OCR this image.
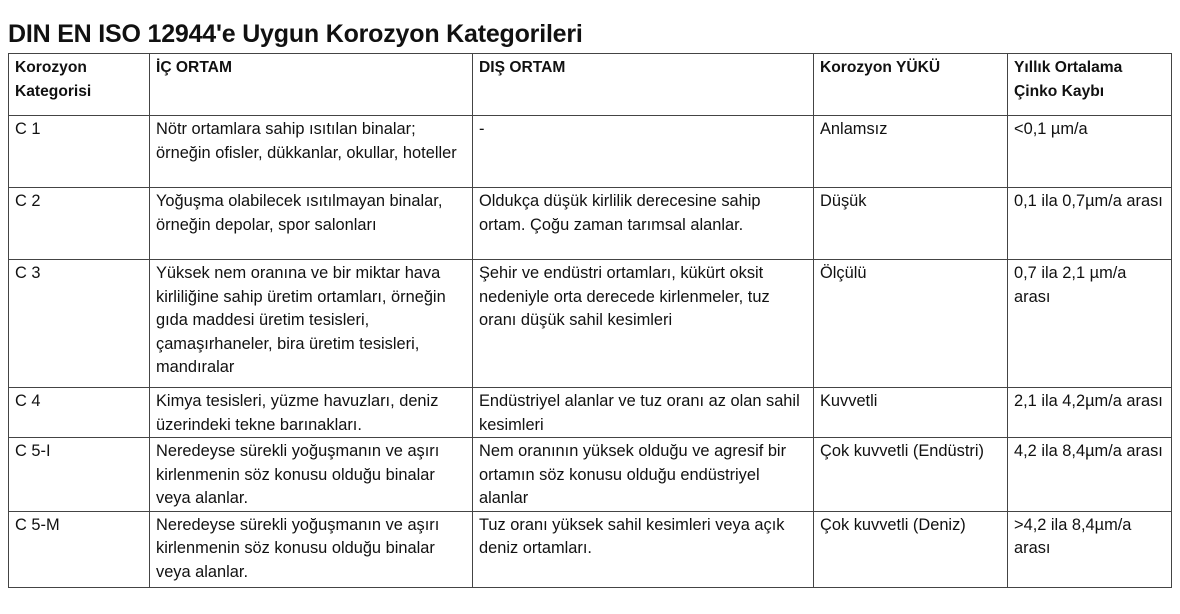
DIN EN ISO 12944'e Uygun Korozyon Kategorileri
Korozyon Kategorisi	İÇ ORTAM	DIŞ ORTAM	Korozyon YÜKÜ	Yıllık Ortalama Çinko Kaybı
C 1	Nötr ortamlara sahip ısıtılan binalar; örneğin ofisler, dükkanlar, okullar, hoteller	-	Anlamsız	<0,1 µm/a
C 2	Yoğuşma olabilecek ısıtılmayan binalar, örneğin depolar, spor salonları	Oldukça düşük kirlilik derecesine sahip ortam. Çoğu zaman tarımsal alanlar.	Düşük	0,1 ila 0,7µm/a arası
C 3	Yüksek nem oranına ve bir miktar hava kirliliğine sahip üretim ortamları, örneğin gıda maddesi üretim tesisleri, çamaşırhaneler, bira üretim tesisleri, mandıralar	Şehir ve endüstri ortamları, kükürt oksit nedeniyle orta derecede kirlenmeler, tuz oranı düşük sahil kesimleri	Ölçülü	0,7 ila 2,1 µm/a arası
C 4	Kimya tesisleri, yüzme havuzları, deniz üzerindeki tekne barınakları.	Endüstriyel alanlar ve tuz oranı az olan sahil kesimleri	Kuvvetli	2,1 ila 4,2µm/a arası
C 5-I	Neredeyse sürekli yoğuşmanın ve aşırı kirlenmenin söz konusu olduğu binalar veya alanlar.	Nem oranının yüksek olduğu ve agresif bir ortamın söz konusu olduğu endüstriyel alanlar	Çok kuvvetli (Endüstri)	4,2 ila 8,4µm/a arası
C 5-M	Neredeyse sürekli yoğuşmanın ve aşırı kirlenmenin söz konusu olduğu binalar veya alanlar.	Tuz oranı yüksek sahil kesimleri veya açık deniz ortamları.	Çok kuvvetli (Deniz)	>4,2 ila 8,4µm/a arası
